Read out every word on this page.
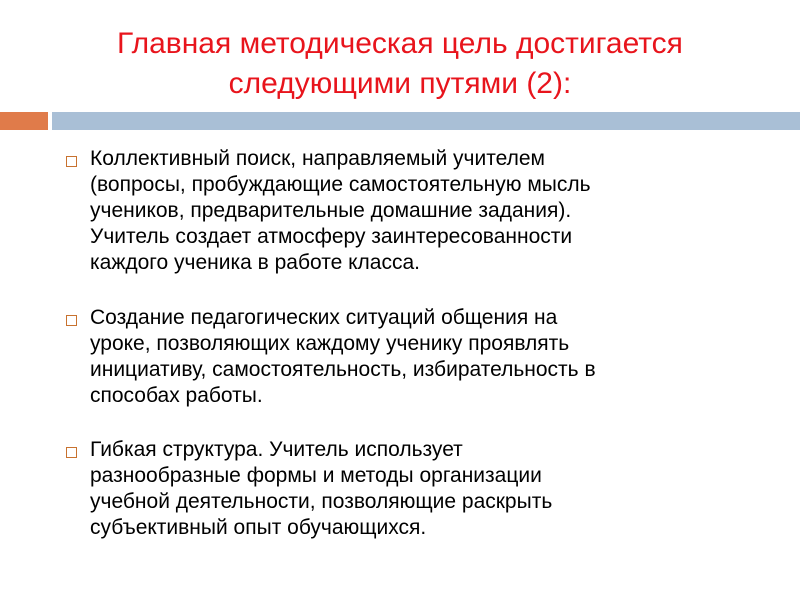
Главная методическая цель достигается
следующими путями (2):

Коллективный поиск, направляемый учителем
(вопросы, пробуждающие самостоятельную мысль
учеников, предварительные домашние задания).
Учитель создает атмосферу заинтересованности
каждого ученика в работе класса.

Создание педагогических ситуаций общения на
уроке, позволяющих каждому ученику проявлять
инициативу, самостоятельность, избирательность в
способах работы.

Гибкая структура. Учитель использует
разнообразные формы и методы организации
учебной деятельности, позволяющие раскрыть
субъективный опыт обучающихся.
